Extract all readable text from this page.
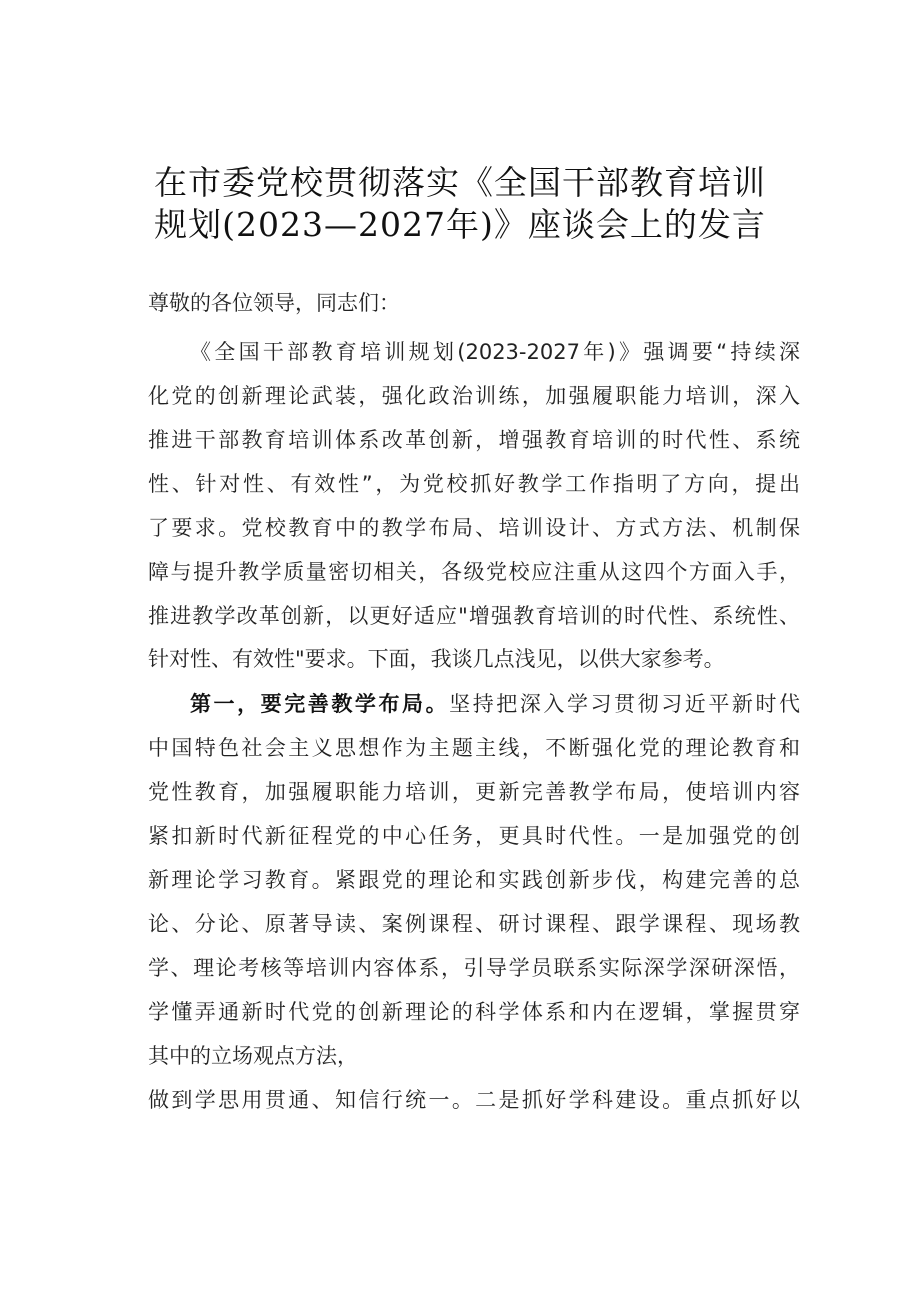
在市委党校贯彻落实《全国干部教育培训
规划(2023—2027年)》座谈会上的发言
尊敬的各位领导，同志们：
《全国干部教育培训规划(2023-2027年)》强调要“持续深
化党的创新理论武装，强化政治训练，加强履职能力培训，深入
推进干部教育培训体系改革创新，增强教育培训的时代性、系统
性、针对性、有效性”，为党校抓好教学工作指明了方向，提出
了要求。党校教育中的教学布局、培训设计、方式方法、机制保
障与提升教学质量密切相关，各级党校应注重从这四个方面入手，
推进教学改革创新，以更好适应"增强教育培训的时代性、系统性、
针对性、有效性"要求。下面，我谈几点浅见，以供大家参考。
第一，要完善教学布局。坚持把深入学习贯彻习近平新时代
中国特色社会主义思想作为主题主线，不断强化党的理论教育和
党性教育，加强履职能力培训，更新完善教学布局，使培训内容
紧扣新时代新征程党的中心任务，更具时代性。一是加强党的创
新理论学习教育。紧跟党的理论和实践创新步伐，构建完善的总
论、分论、原著导读、案例课程、研讨课程、跟学课程、现场教
学、理论考核等培训内容体系，引导学员联系实际深学深研深悟，
学懂弄通新时代党的创新理论的科学体系和内在逻辑，掌握贯穿
其中的立场观点方法，
做到学思用贯通、知信行统一。二是抓好学科建设。重点抓好以
